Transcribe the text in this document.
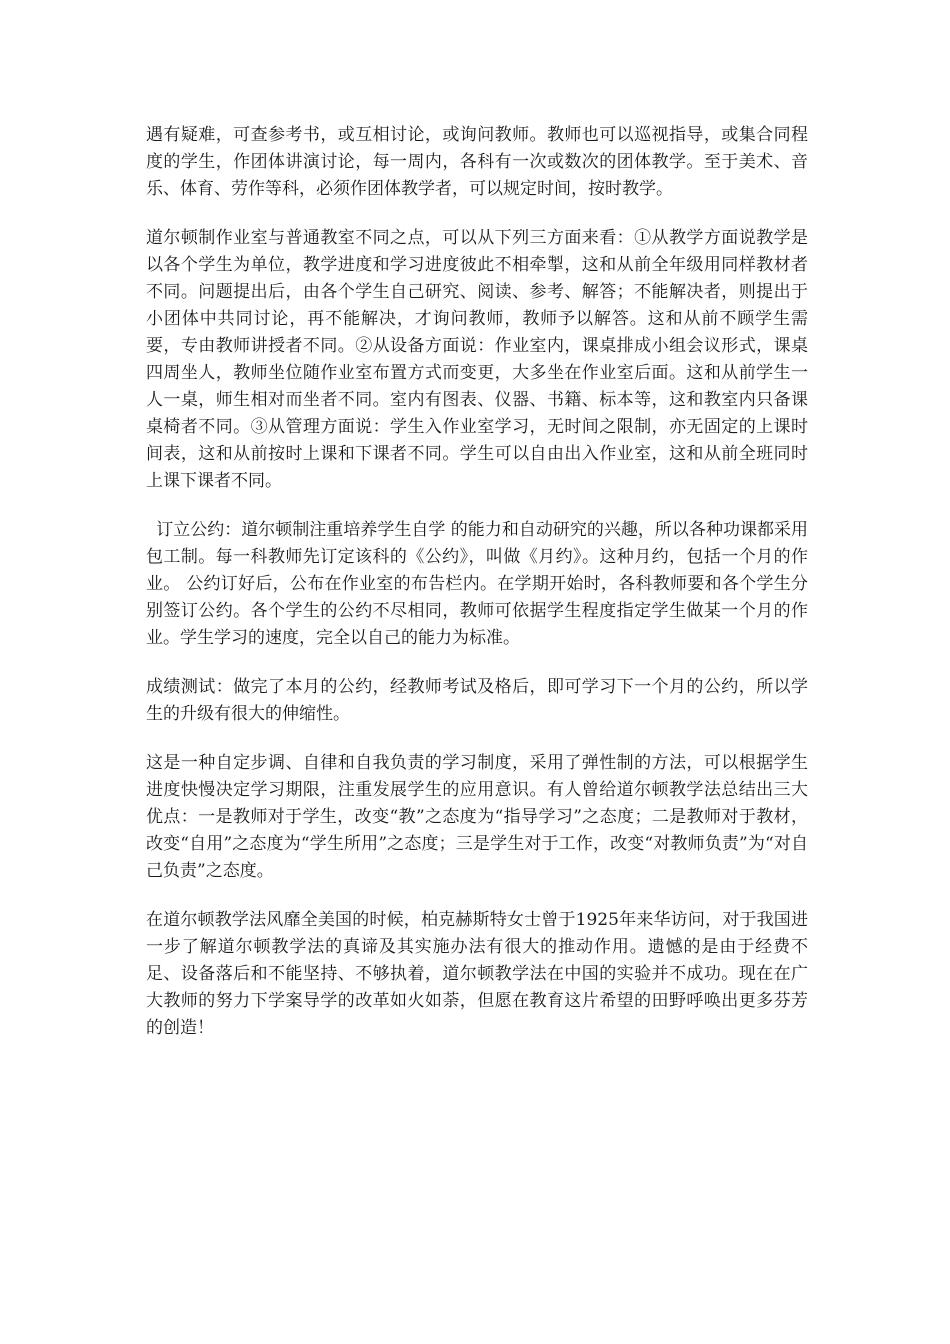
遇有疑难，可查参考书，或互相讨论，或询问教师。教师也可以巡视指导，或集合同程度的学生，作团体讲演讨论，每一周内，各科有一次或数次的团体教学。至于美术、音乐、体育、劳作等科，必须作团体教学者，可以规定时间，按时教学。

道尔顿制作业室与普通教室不同之点，可以从下列三方面来看：①从教学方面说教学是以各个学生为单位，教学进度和学习进度彼此不相牵掣，这和从前全年级用同样教材者不同。问题提出后，由各个学生自己研究、阅读、参考、解答；不能解决者，则提出于小团体中共同讨论，再不能解决，才询问教师，教师予以解答。这和从前不顾学生需要，专由教师讲授者不同。②从设备方面说：作业室内，课桌排成小组会议形式，课桌四周坐人，教师坐位随作业室布置方式而变更，大多坐在作业室后面。这和从前学生一人一桌，师生相对而坐者不同。室内有图表、仪器、书籍、标本等，这和教室内只备课桌椅者不同。③从管理方面说：学生入作业室学习，无时间之限制，亦无固定的上课时间表，这和从前按时上课和下课者不同。学生可以自由出入作业室，这和从前全班同时上课下课者不同。

订立公约：道尔顿制注重培养学生自学 的能力和自动研究的兴趣，所以各种功课都采用包工制。每一科教师先订定该科的《公约》，叫做《月约》。这种月约，包括一个月的作业。 公约订好后，公布在作业室的布告栏内。在学期开始时，各科教师要和各个学生分别签订公约。各个学生的公约不尽相同，教师可依据学生程度指定学生做某一个月的作业。学生学习的速度，完全以自己的能力为标准。

成绩测试：做完了本月的公约，经教师考试及格后，即可学习下一个月的公约，所以学生的升级有很大的伸缩性。

这是一种自定步调、自律和自我负责的学习制度，采用了弹性制的方法，可以根据学生进度快慢决定学习期限，注重发展学生的应用意识。有人曾给道尔顿教学法总结出三大优点：一是教师对于学生，改变“教”之态度为“指导学习”之态度；二是教师对于教材，改变“自用”之态度为“学生所用”之态度；三是学生对于工作，改变“对教师负责”为“对自己负责”之态度。

在道尔顿教学法风靡全美国的时候，柏克赫斯特女士曾于1925年来华访问，对于我国进一步了解道尔顿教学法的真谛及其实施办法有很大的推动作用。遗憾的是由于经费不足、设备落后和不能坚持、不够执着，道尔顿教学法在中国的实验并不成功。现在在广大教师的努力下学案导学的改革如火如荼，但愿在教育这片希望的田野呼唤出更多芬芳的创造！
